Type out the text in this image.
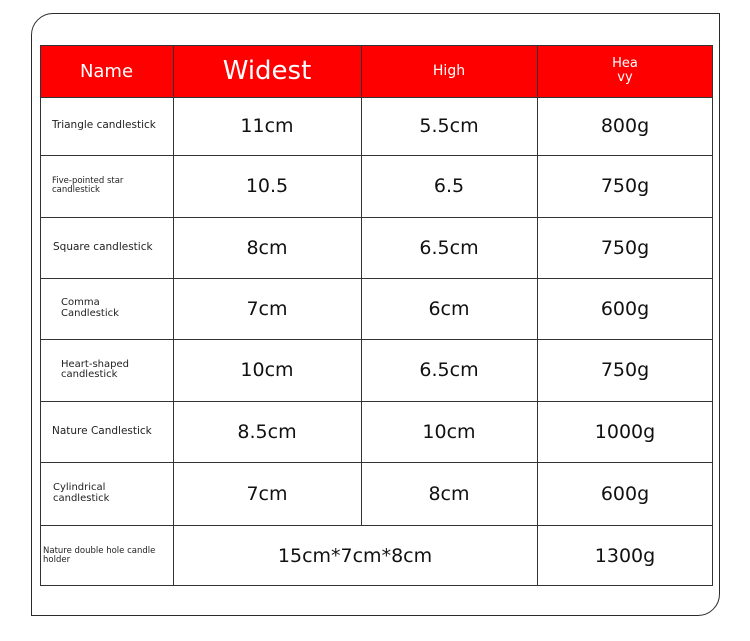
Name	Widest	High	Hea
vy
Triangle candlestick	11cm	5.5cm	800g
Five-pointed star
candlestick	10.5	6.5	750g
Square candlestick	8cm	6.5cm	750g
Comma
Candlestick	7cm	6cm	600g
Heart-shaped
candlestick	10cm	6.5cm	750g
Nature Candlestick	8.5cm	10cm	1000g
Cylindrical
candlestick	7cm	8cm	600g
Nature double hole candle
holder	15cm*7cm*8cm	1300g
